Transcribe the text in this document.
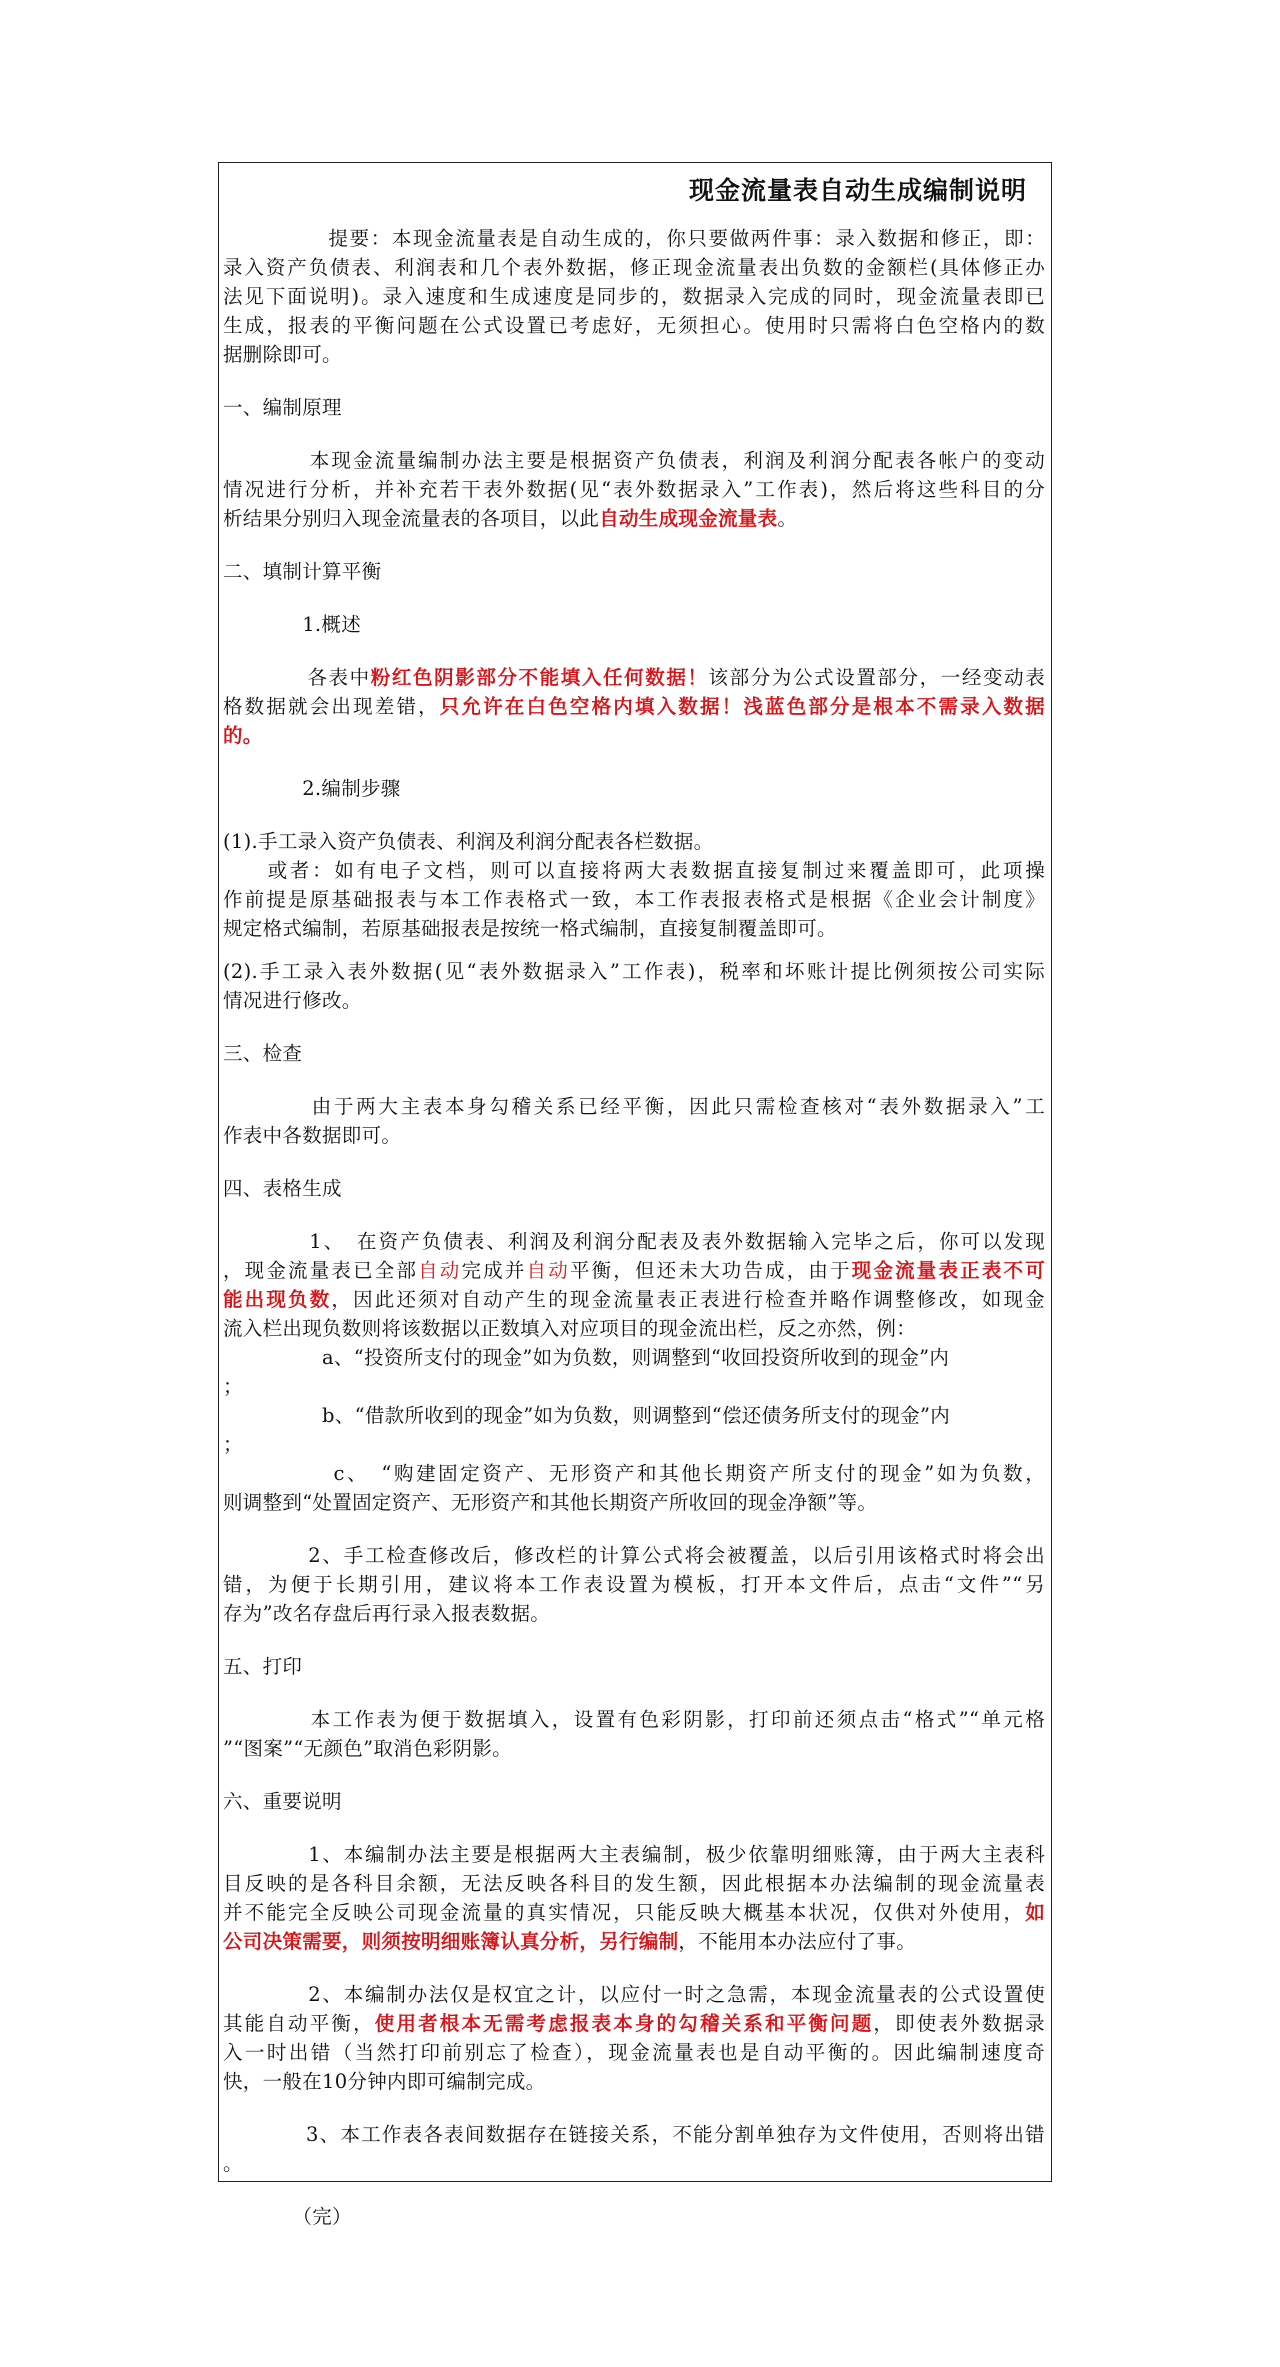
现金流量表自动生成编制说明
　　　　　提要：本现金流量表是自动生成的，你只要做两件事：录入数据和修正，即：
录入资产负债表、利润表和几个表外数据，修正现金流量表出负数的金额栏(具体修正办
法见下面说明)。录入速度和生成速度是同步的，数据录入完成的同时，现金流量表即已
生成，报表的平衡问题在公式设置已考虑好，无须担心。使用时只需将白色空格内的数
据删除即可。
一、编制原理
　　　　本现金流量编制办法主要是根据资产负债表，利润及利润分配表各帐户的变动
情况进行分析，并补充若干表外数据(见“表外数据录入”工作表)，然后将这些科目的分
析结果分别归入现金流量表的各项目，以此自动生成现金流量表。
二、填制计算平衡
　　　　1.概述
　　　　各表中粉红色阴影部分不能填入任何数据！该部分为公式设置部分，一经变动表
格数据就会出现差错，只允许在白色空格内填入数据！浅蓝色部分是根本不需录入数据
的。
　　　　2.编制步骤
(1).手工录入资产负债表、利润及利润分配表各栏数据。
　　或者：如有电子文档，则可以直接将两大表数据直接复制过来覆盖即可，此项操
作前提是原基础报表与本工作表格式一致，本工作表报表格式是根据《企业会计制度》
规定格式编制，若原基础报表是按统一格式编制，直接复制覆盖即可。
(2).手工录入表外数据(见“表外数据录入”工作表)，税率和坏账计提比例须按公司实际
情况进行修改。
三、检查
　　　　由于两大主表本身勾稽关系已经平衡，因此只需检查核对“表外数据录入”工
作表中各数据即可。
四、表格生成
　　　　1、　在资产负债表、利润及利润分配表及表外数据输入完毕之后，你可以发现
，现金流量表已全部自动完成并自动平衡，但还未大功告成，由于现金流量表正表不可
能出现负数，因此还须对自动产生的现金流量表正表进行检查并略作调整修改，如现金
流入栏出现负数则将该数据以正数填入对应项目的现金流出栏，反之亦然，例：
　　　　　a、“投资所支付的现金”如为负数，则调整到“收回投资所收到的现金”内
；
　　　　　b、“借款所收到的现金”如为负数，则调整到“偿还债务所支付的现金”内
；
　　　　　c、　“购建固定资产、无形资产和其他长期资产所支付的现金”如为负数，
则调整到“处置固定资产、无形资产和其他长期资产所收回的现金净额”等。
　　　　2、手工检查修改后，修改栏的计算公式将会被覆盖，以后引用该格式时将会出
错，为便于长期引用，建议将本工作表设置为模板，打开本文件后，点击“文件”“另
存为”改名存盘后再行录入报表数据。
五、打印
　　　　本工作表为便于数据填入，设置有色彩阴影，打印前还须点击“格式”“单元格
”“图案”“无颜色”取消色彩阴影。
六、重要说明
　　　　1、本编制办法主要是根据两大主表编制，极少依靠明细账簿，由于两大主表科
目反映的是各科目余额，无法反映各科目的发生额，因此根据本办法编制的现金流量表
并不能完全反映公司现金流量的真实情况，只能反映大概基本状况，仅供对外使用，如
公司决策需要，则须按明细账簿认真分析，另行编制，不能用本办法应付了事。
　　　　2、本编制办法仅是权宜之计，以应付一时之急需，本现金流量表的公式设置使
其能自动平衡，使用者根本无需考虑报表本身的勾稽关系和平衡问题，即使表外数据录
入一时出错（当然打印前别忘了检查），现金流量表也是自动平衡的。因此编制速度奇
快，一般在10分钟内即可编制完成。
　　　　3、本工作表各表间数据存在链接关系，不能分割单独存为文件使用，否则将出错
。
　　　　（完）
